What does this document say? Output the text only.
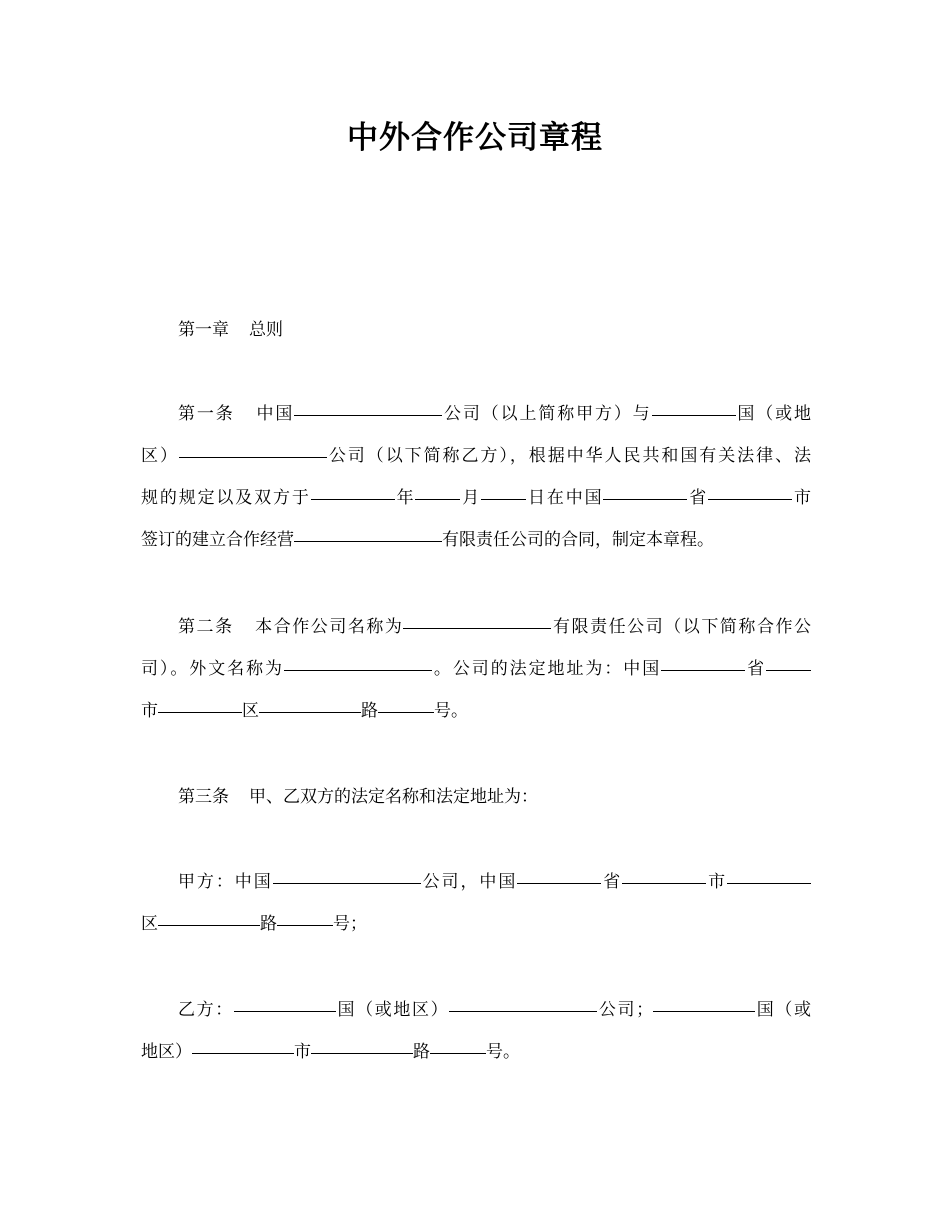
中外合作公司章程
第一章 总则
第一条 中国	公司（以上简称甲方）与	国（或地
区）	公司（以下简称乙方），根据中华人民共和国有关法律、法
规的规定以及双方于	年	月	日在中国	省	市
签订的建立合作经营	有限责任公司的合同，制定本章程。
第二条 本合作公司名称为	有限责任公司（以下简称合作公
司）。外文名称为	。公司的法定地址为：中国	省
市	区	路	号。
第三条 甲、乙双方的法定名称和法定地址为：
甲方：中国	公司，中国	省	市
区	路	号；
乙方：	国（或地区）	公司；	国（或
地区）	市	路	号。
